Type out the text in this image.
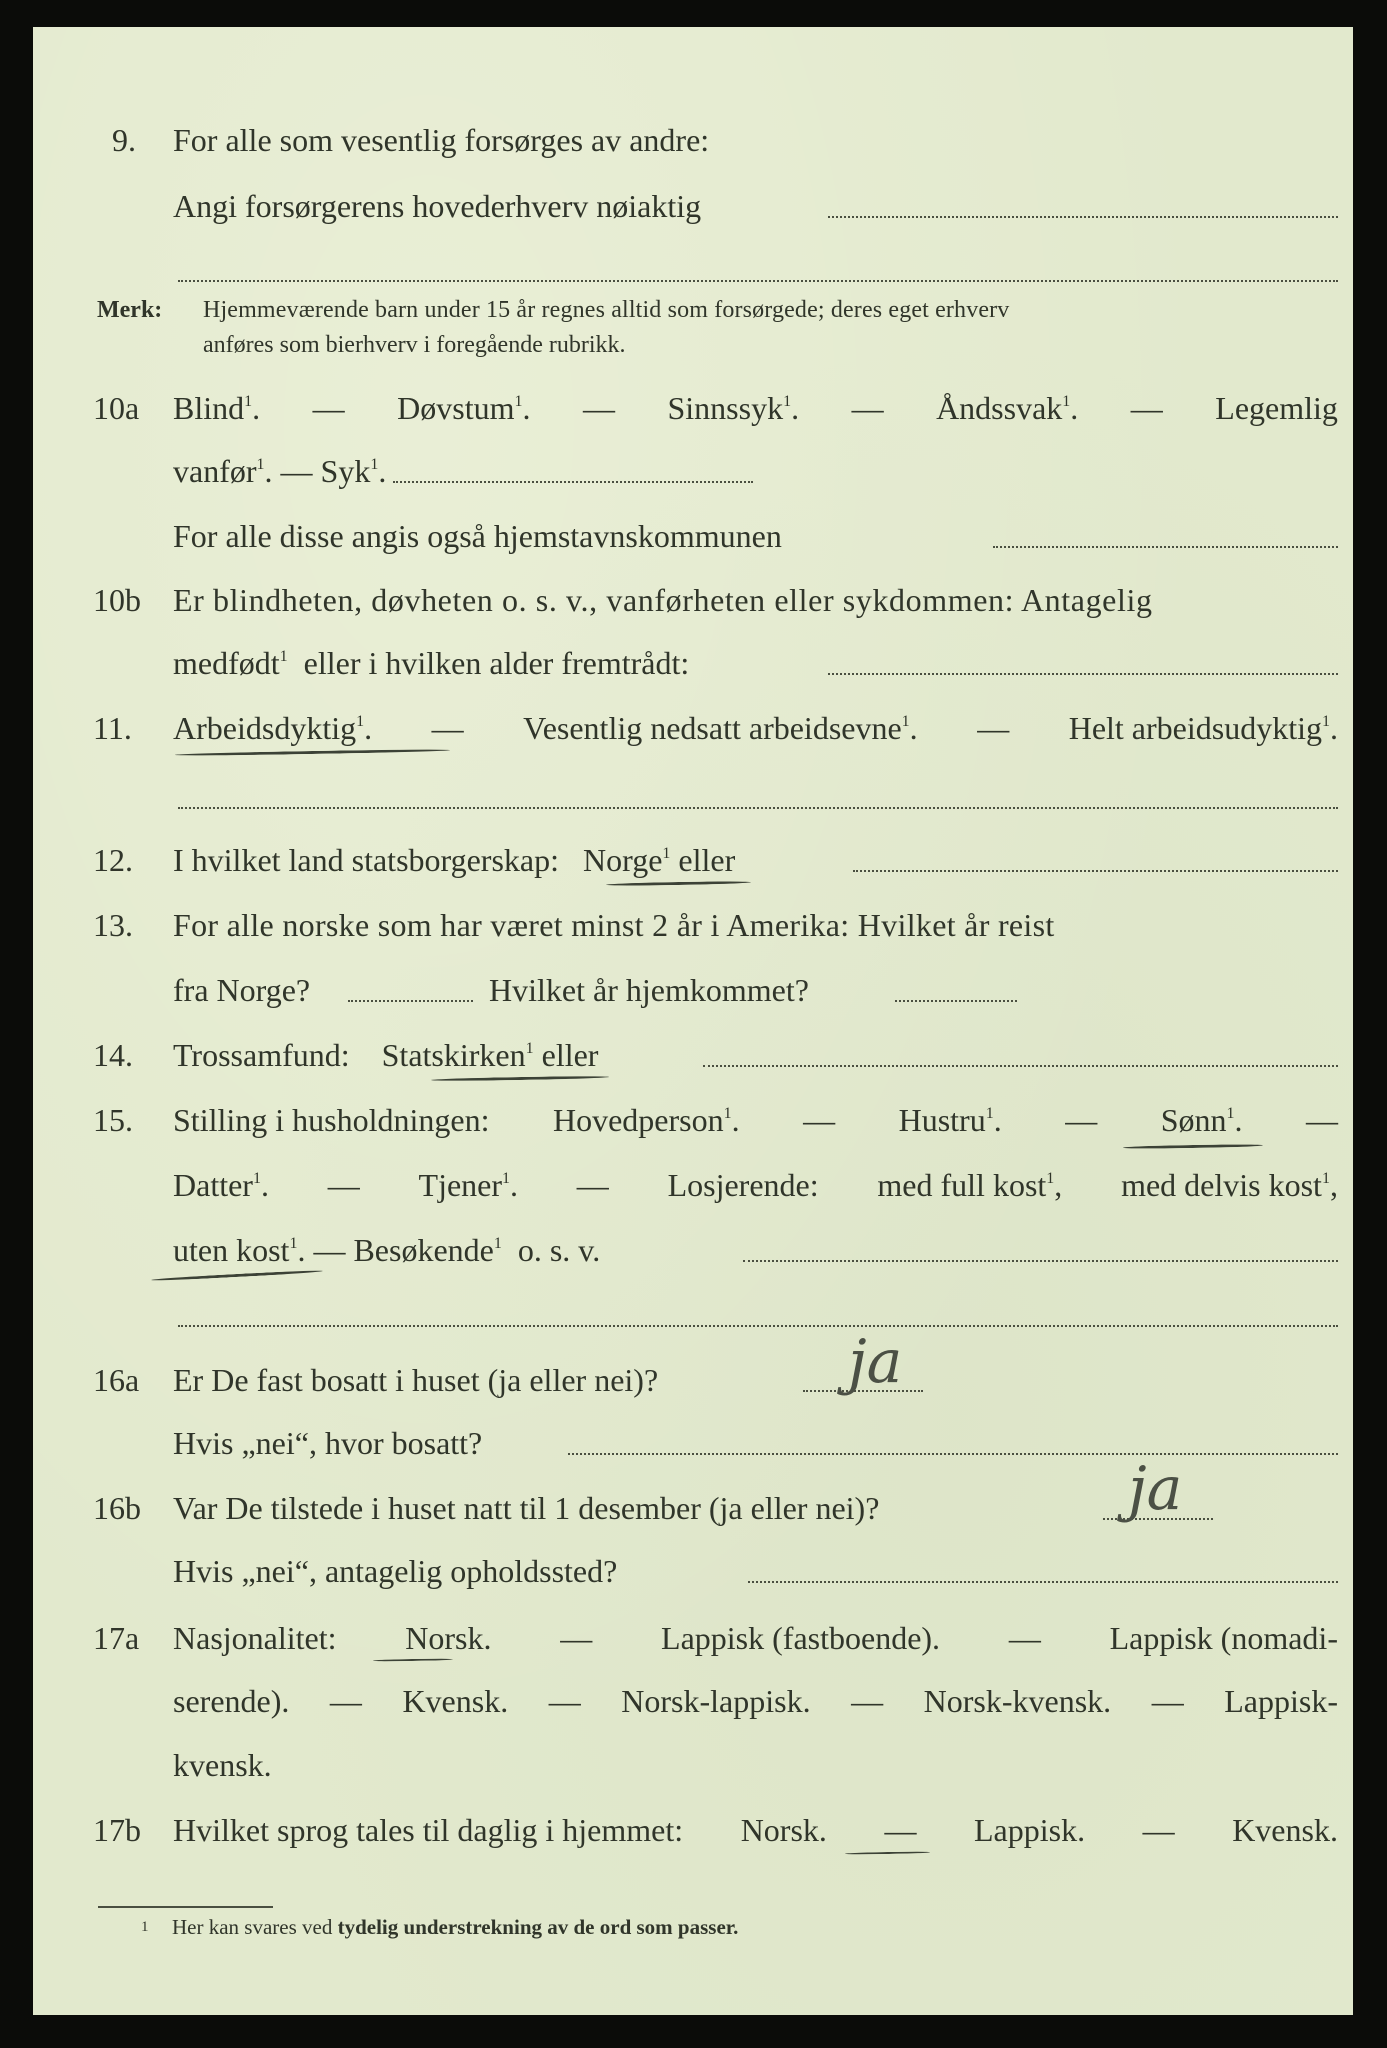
9. For alle som vesentlig forsørges av andre:
Angi forsørgerens hovederhverv nøiaktig
Merk: Hjemmeværende barn under 15 år regnes alltid som forsørgede; deres eget erhverv
anføres som bierhverv i foregående rubrikk.
10a Blind$^1$. — Døvstum$^1$. — Sinnssyk$^1$. — Åndssvak$^1$. — Legemlig
vanfør$^1$. — Syk$^1$.
For alle disse angis også hjemstavnskommunen
10b Er blindheten, døvheten o. s. v., vanførheten eller sykdommen: Antagelig
medfødt$^1$ eller i hvilken alder fremtrådt:
11. Arbeidsdyktig$^1$. — Vesentlig nedsatt arbeidsevne$^1$. — Helt arbeidsudyktig$^1$.
12. I hvilket land statsborgerskap: Norge$^1$ eller
13. For alle norske som har været minst 2 år i Amerika: Hvilket år reist
fra Norge?	Hvilket år hjemkommet?
14. Trossamfund: Statskirken$^1$ eller
15. Stilling i husholdningen: Hovedperson$^1$. — Hustru$^1$. — Sønn$^1$. —
Datter$^1$. — Tjener$^1$. — Losjerende: med full kost$^1$, med delvis kost$^1$,
uten kost$^1$. — Besøkende$^1$ o. s. v.
16a Er De fast bosatt i huset (ja eller nei)?	ja
Hvis „nei“, hvor bosatt?
16b Var De tilstede i huset natt til 1 desember (ja eller nei)?	ja
Hvis „nei“, antagelig opholdssted?
17a Nasjonalitet: Norsk. — Lappisk (fastboende). — Lappisk (nomadi-
serende). — Kvensk. — Norsk-lappisk. — Norsk-kvensk. — Lappisk-
kvensk.
17b Hvilket sprog tales til daglig i hjemmet: Norsk. — Lappisk. — Kvensk.
1 Her kan svares ved tydelig understrekning av de ord som passer.
